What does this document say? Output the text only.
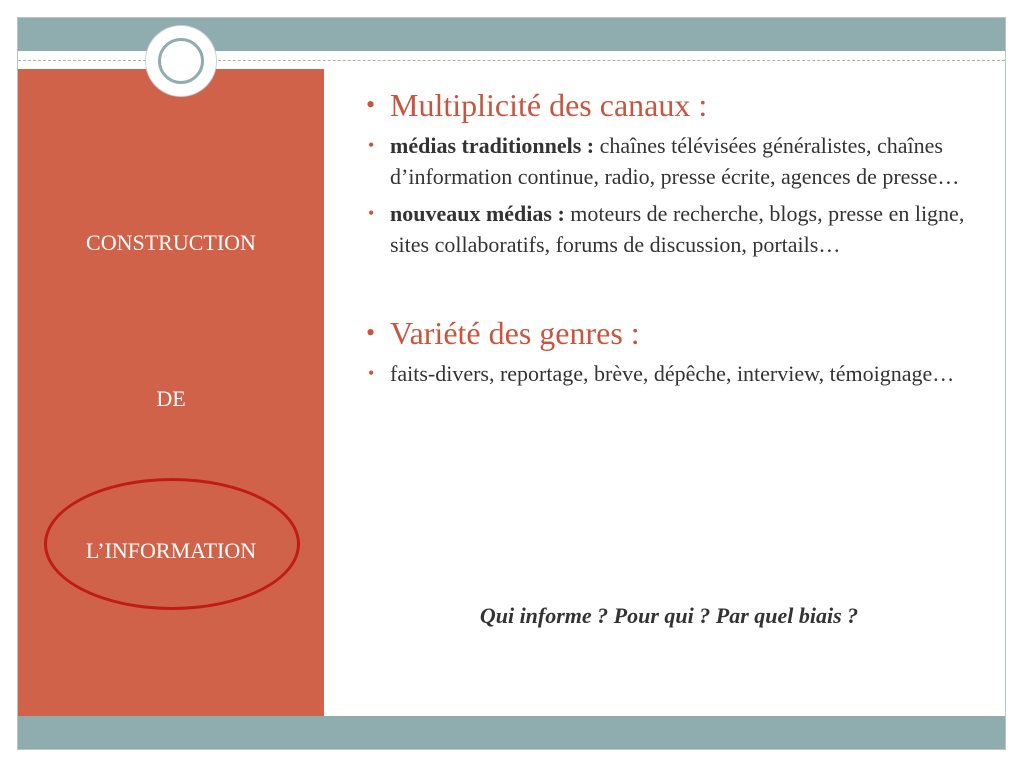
CONSTRUCTION
DE
L’INFORMATION

• Multiplicité des canaux :

• médias traditionnels : chaînes télévisées généralistes, chaînes d’information continue, radio, presse écrite, agences de presse…

• nouveaux médias : moteurs de recherche, blogs, presse en ligne, sites collaboratifs, forums de discussion, portails…

• Variété des genres :

• faits-divers, reportage, brève, dépêche, interview, témoignage…

Qui informe ? Pour qui ? Par quel biais ?
